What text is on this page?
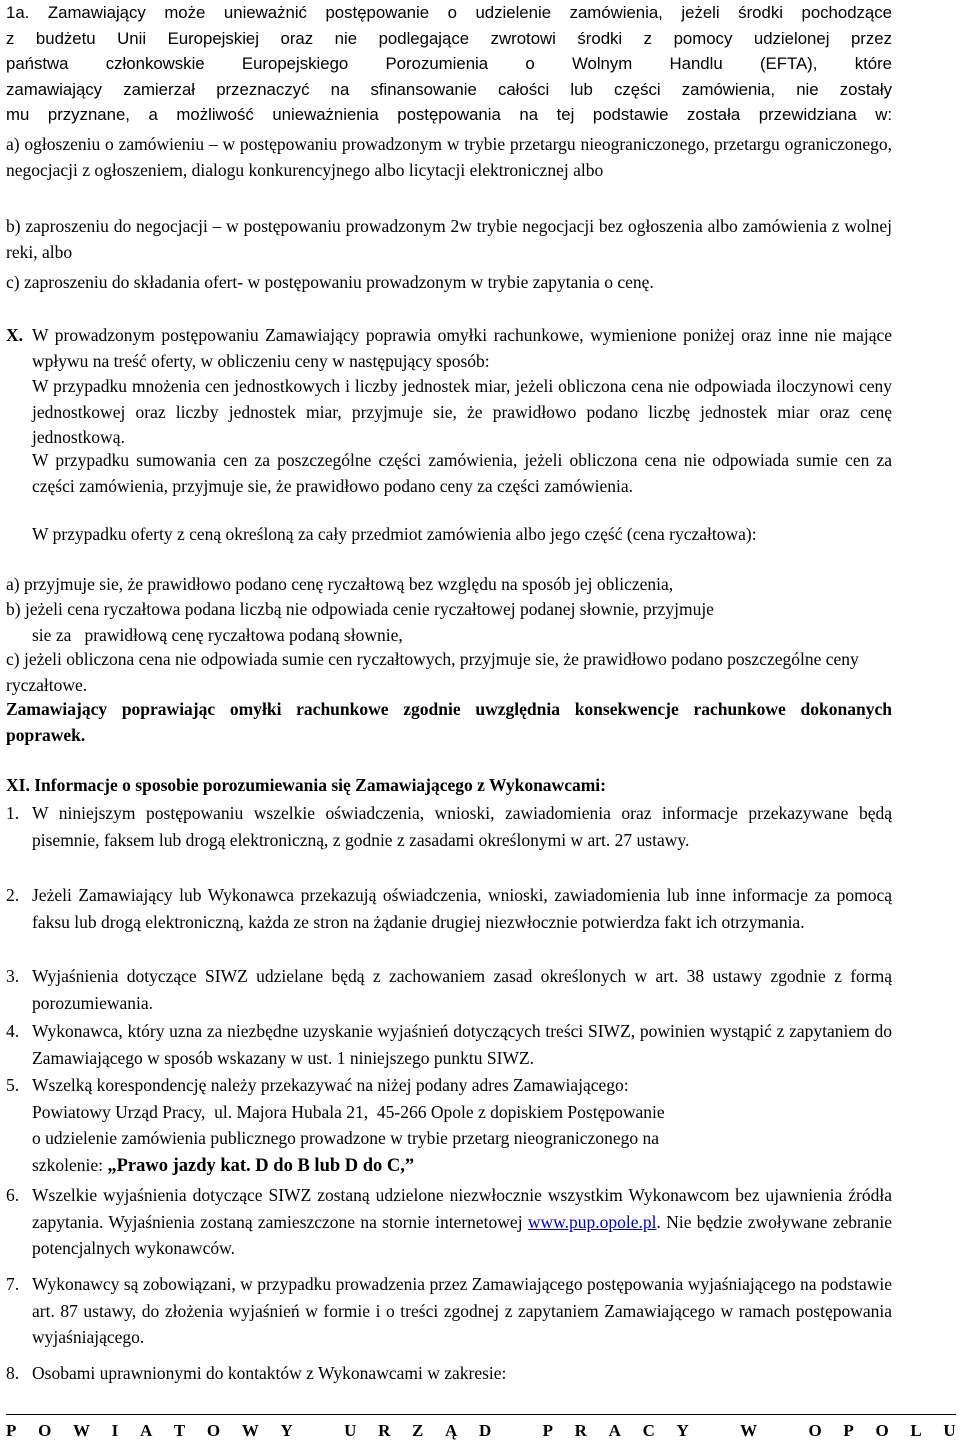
1a. Zamawiający może unieważnić postępowanie o udzielenie zamówienia, jeżeli środki pochodzące
z budżetu Unii Europejskiej oraz nie podlegające zwrotowi środki z pomocy udzielonej przez
państwa członkowskie Europejskiego Porozumienia o Wolnym Handlu (EFTA), które
zamawiający zamierzał przeznaczyć na sfinansowanie całości lub części zamówienia, nie zostały
mu przyznane, a możliwość unieważnienia postępowania na tej podstawie została przewidziana w:
a) ogłoszeniu o zamówieniu – w postępowaniu prowadzonym w trybie przetargu nieograniczonego, przetargu ograniczonego, negocjacji z ogłoszeniem, dialogu konkurencyjnego albo licytacji elektronicznej albo
b) zaproszeniu do negocjacji – w postępowaniu prowadzonym 2w trybie negocjacji bez ogłoszenia albo zamówienia z wolnej reki, albo
c) zaproszeniu do składania ofert- w postępowaniu prowadzonym w trybie zapytania o cenę.
X. W prowadzonym postępowaniu Zamawiający poprawia omyłki rachunkowe, wymienione poniżej oraz inne nie mające wpływu na treść oferty, w obliczeniu ceny w następujący sposób:
W przypadku mnożenia cen jednostkowych i liczby jednostek miar, jeżeli obliczona cena nie odpowiada iloczynowi ceny jednostkowej oraz liczby jednostek miar, przyjmuje sie, że prawidłowo podano liczbę jednostek miar oraz cenę jednostkową.
W przypadku sumowania cen za poszczególne części zamówienia, jeżeli obliczona cena nie odpowiada sumie cen za części zamówienia, przyjmuje sie, że prawidłowo podano ceny za części zamówienia.
W przypadku oferty z ceną określoną za cały przedmiot zamówienia albo jego część (cena ryczałtowa):
a) przyjmuje sie, że prawidłowo podano cenę ryczałtową bez względu na sposób jej obliczenia,
b) jeżeli cena ryczałtowa podana liczbą nie odpowiada cenie ryczałtowej podanej słownie, przyjmuje
sie za   prawidłową cenę ryczałtowa podaną słownie,
c) jeżeli obliczona cena nie odpowiada sumie cen ryczałtowych, przyjmuje sie, że prawidłowo podano poszczególne ceny ryczałtowe.
Zamawiający poprawiając omyłki rachunkowe zgodnie uwzględnia konsekwencje rachunkowe dokonanych poprawek.
XI. Informacje o sposobie porozumiewania się Zamawiającego z Wykonawcami:
1. W niniejszym postępowaniu wszelkie oświadczenia, wnioski, zawiadomienia oraz informacje przekazywane będą pisemnie, faksem lub drogą elektroniczną, z godnie z zasadami określonymi w art. 27 ustawy.
2. Jeżeli Zamawiający lub Wykonawca przekazują oświadczenia, wnioski, zawiadomienia lub inne informacje za pomocą faksu lub drogą elektroniczną, każda ze stron na żądanie drugiej niezwłocznie potwierdza fakt ich otrzymania.
3. Wyjaśnienia dotyczące SIWZ udzielane będą z zachowaniem zasad określonych w art. 38 ustawy zgodnie z formą porozumiewania.
4. Wykonawca, który uzna za niezbędne uzyskanie wyjaśnień dotyczących treści SIWZ, powinien wystąpić z zapytaniem do Zamawiającego w sposób wskazany w ust. 1 niniejszego punktu SIWZ.
5. Wszelką korespondencję należy przekazywać na niżej podany adres Zamawiającego:
Powiatowy Urząd Pracy,  ul. Majora Hubala 21,  45-266 Opole z dopiskiem Postępowanie
o udzielenie zamówienia publicznego prowadzone w trybie przetarg nieograniczonego na
szkolenie: „Prawo jazdy kat. D do B lub D do C,”
6. Wszelkie wyjaśnienia dotyczące SIWZ zostaną udzielone niezwłocznie wszystkim Wykonawcom bez ujawnienia źródła zapytania. Wyjaśnienia zostaną zamieszczone na stornie internetowej www.pup.opole.pl. Nie będzie zwoływane zebranie potencjalnych wykonawców.
7. Wykonawcy są zobowiązani, w przypadku prowadzenia przez Zamawiającego postępowania wyjaśniającego na podstawie art. 87 ustawy, do złożenia wyjaśnień w formie i o treści zgodnej z zapytaniem Zamawiającego w ramach postępowania wyjaśniającego.
8. Osobami uprawnionymi do kontaktów z Wykonawcami w zakresie:
P O W I A T O W Y	U R Z Ą D	P R A C Y	W	O P O L U
